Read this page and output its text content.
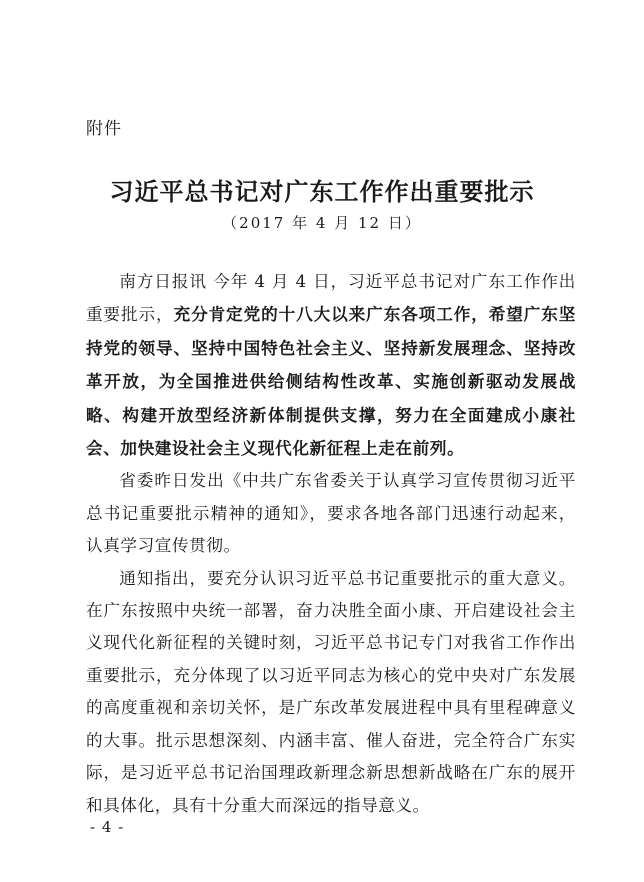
附件
习近平总书记对广东工作作出重要批示
（2017 年 4 月 12 日）

南方日报讯 今年 4 月 4 日，习近平总书记对广东工作作出重要批示，充分肯定党的十八大以来广东各项工作，希望广东坚持党的领导、坚持中国特色社会主义、坚持新发展理念、坚持改革开放，为全国推进供给侧结构性改革、实施创新驱动发展战略、构建开放型经济新体制提供支撑，努力在全面建成小康社会、加快建设社会主义现代化新征程上走在前列。

省委昨日发出《中共广东省委关于认真学习宣传贯彻习近平总书记重要批示精神的通知》，要求各地各部门迅速行动起来，认真学习宣传贯彻。

通知指出，要充分认识习近平总书记重要批示的重大意义。在广东按照中央统一部署，奋力决胜全面小康、开启建设社会主义现代化新征程的关键时刻，习近平总书记专门对我省工作作出重要批示，充分体现了以习近平同志为核心的党中央对广东发展的高度重视和亲切关怀，是广东改革发展进程中具有里程碑意义的大事。批示思想深刻、内涵丰富、催人奋进，完全符合广东实际，是习近平总书记治国理政新理念新思想新战略在广东的展开和具体化，具有十分重大而深远的指导意义。

- 4 -
